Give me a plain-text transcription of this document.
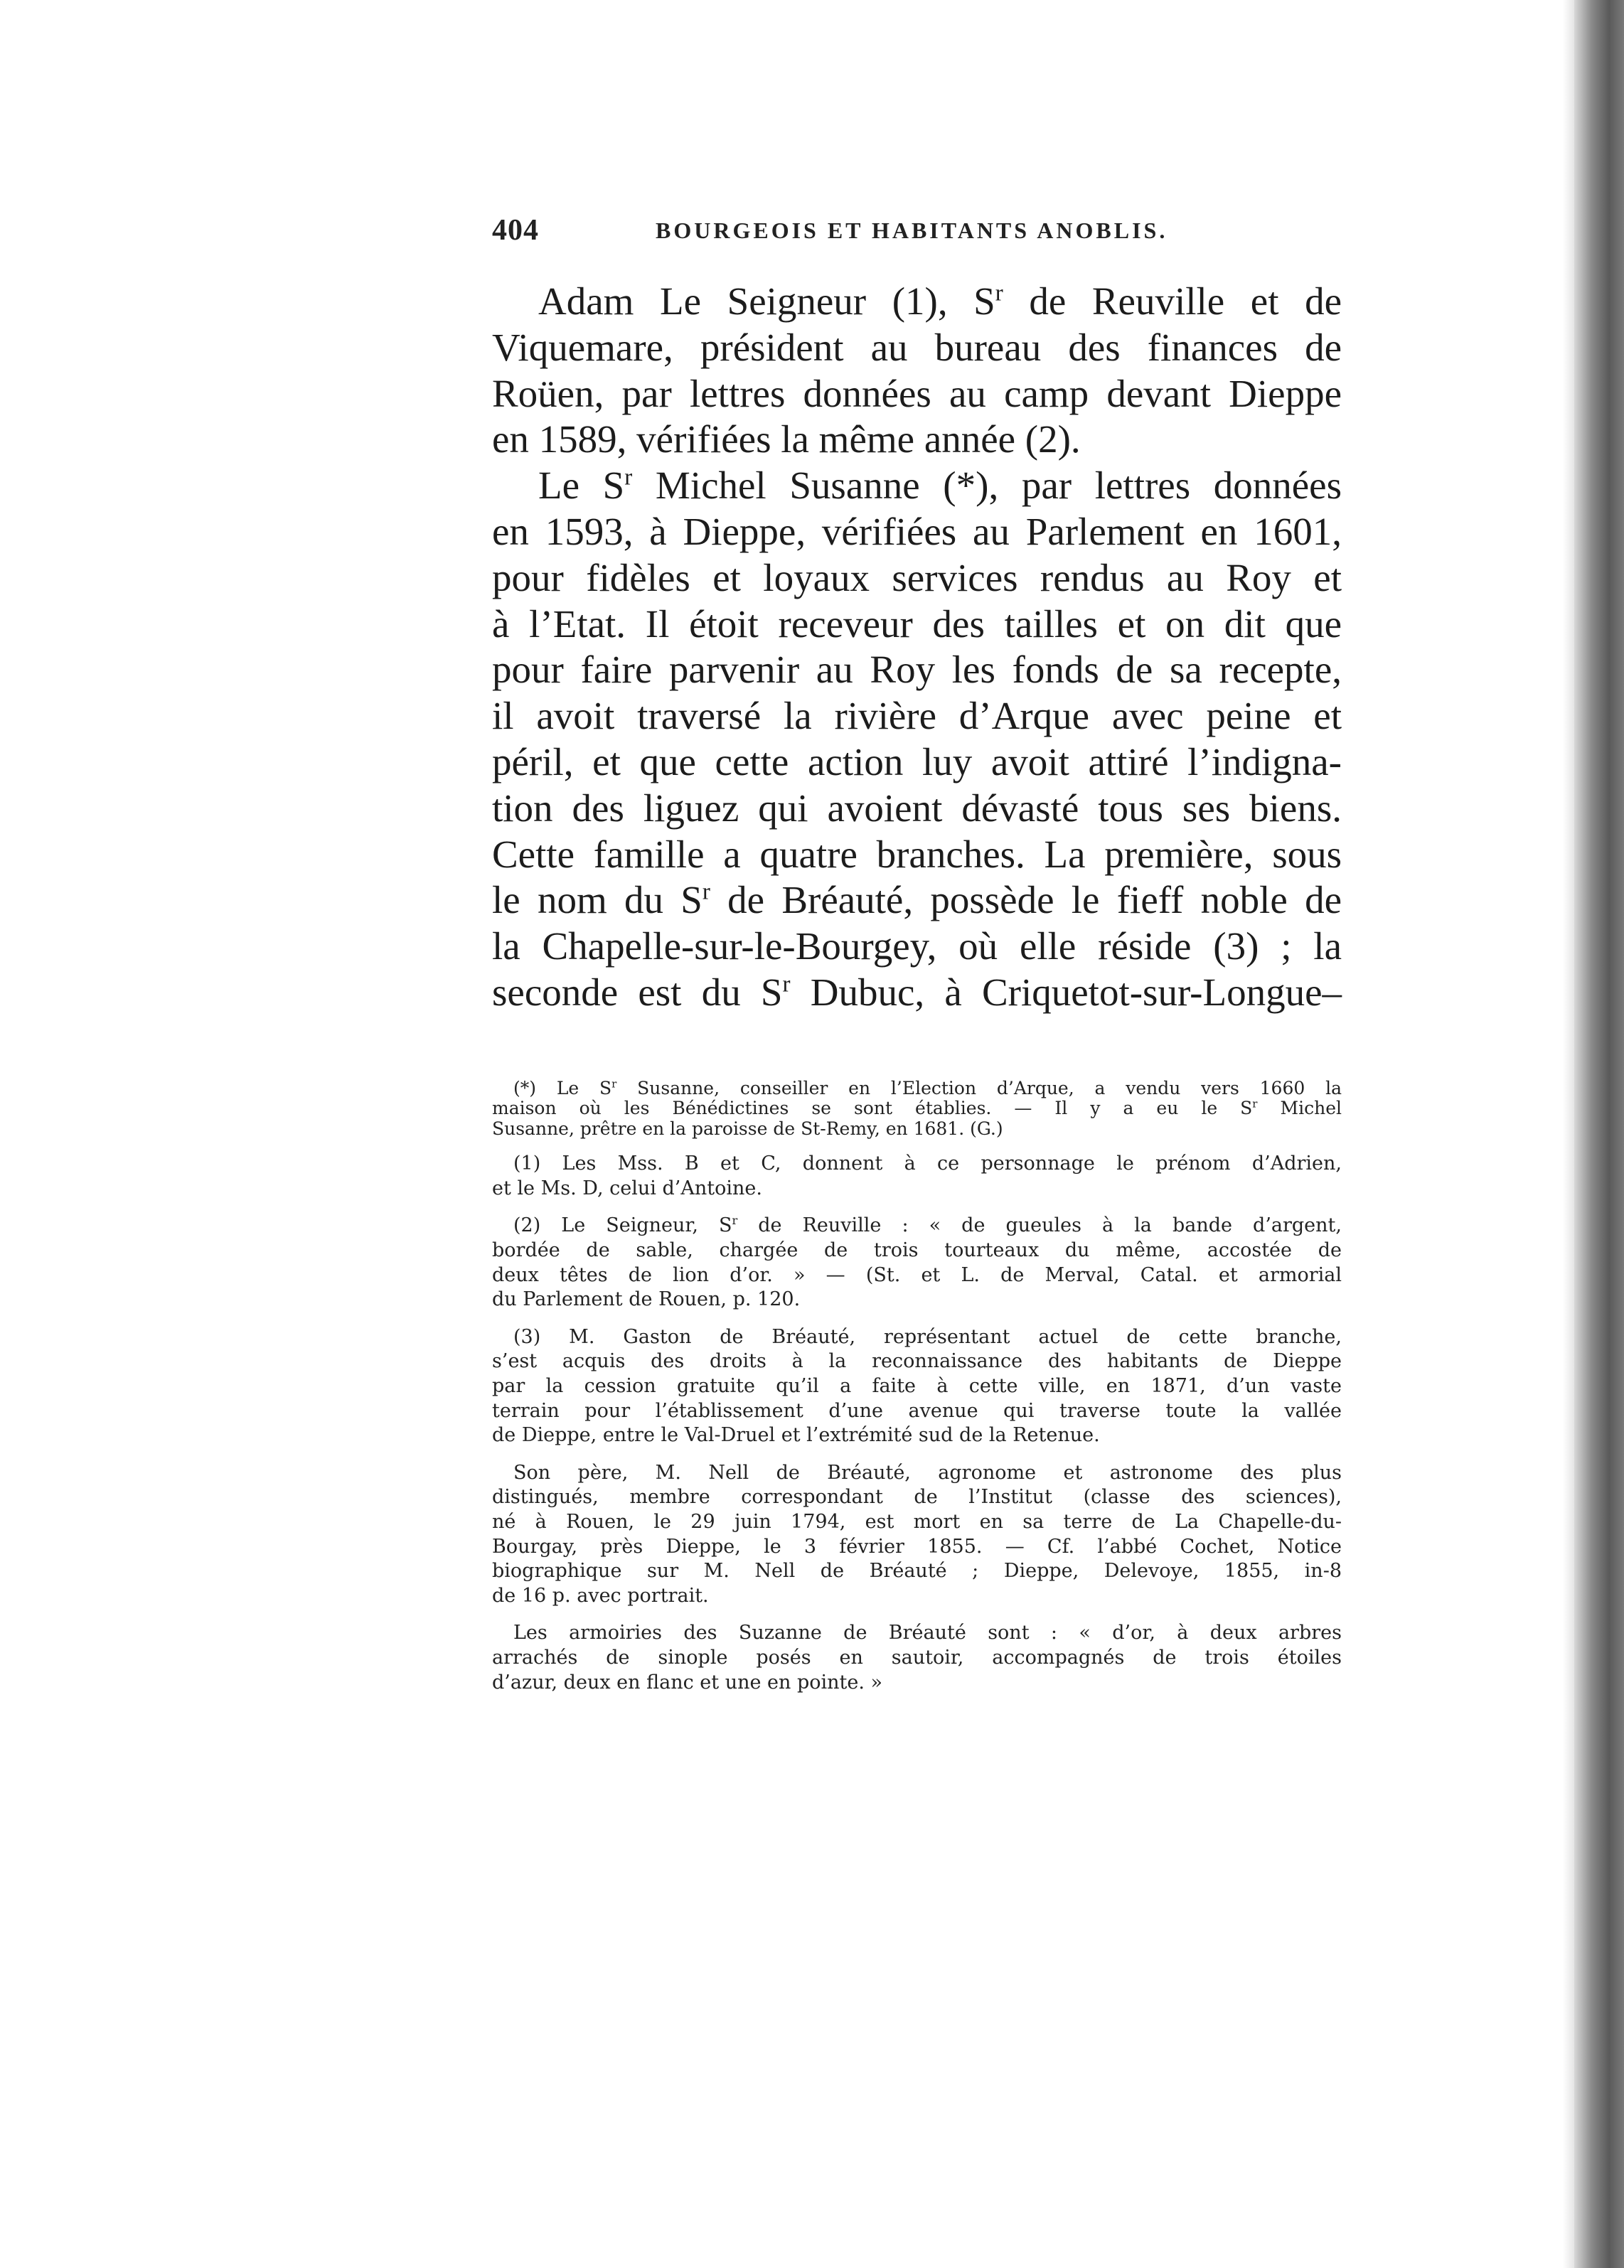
404	BOURGEOIS ET HABITANTS ANOBLIS.
Adam Le Seigneur (1), $S^r$ de Reuville et de
Viquemare, président au bureau des finances de
Roüen, par lettres données au camp devant Dieppe
en 1589, vérifiées la même année (2).
Le $S^r$ Michel Susanne (*), par lettres données
en 1593, à Dieppe, vérifiées au Parlement en 1601,
pour fidèles et loyaux services rendus au Roy et
à l’Etat. Il étoit receveur des tailles et on dit que
pour faire parvenir au Roy les fonds de sa recepte,
il avoit traversé la rivière d’Arque avec peine et
péril, et que cette action luy avoit attiré l’indigna-
tion des liguez qui avoient dévasté tous ses biens.
Cette famille a quatre branches. La première, sous
le nom du $S^r$ de Bréauté, possède le fieff noble de
la Chapelle-sur-le-Bourgey, où elle réside (3) ; la
seconde est du $S^r$ Dubuc, à Criquetot-sur-Longue–
(*) Le $S^r$ Susanne, conseiller en l’Election d’Arque, a vendu vers 1660 la
maison où les Bénédictines se sont établies. — Il y a eu le $S^r$ Michel
Susanne, prêtre en la paroisse de St-Remy, en 1681. (G.)
(1) Les Mss. B et C, donnent à ce personnage le prénom d’Adrien,
et le Ms. D, celui d’Antoine.
(2) Le Seigneur, $S^r$ de Reuville : « de gueules à la bande d’argent,
bordée de sable, chargée de trois tourteaux du même, accostée de
deux têtes de lion d’or. » — (St. et L. de Merval, Catal. et armorial
du Parlement de Rouen, p. 120.
(3) M. Gaston de Bréauté, représentant actuel de cette branche,
s’est acquis des droits à la reconnaissance des habitants de Dieppe
par la cession gratuite qu’il a faite à cette ville, en 1871, d’un vaste
terrain pour l’établissement d’une avenue qui traverse toute la vallée
de Dieppe, entre le Val-Druel et l’extrémité sud de la Retenue.
Son père, M. Nell de Bréauté, agronome et astronome des plus
distingués, membre correspondant de l’Institut (classe des sciences),
né à Rouen, le 29 juin 1794, est mort en sa terre de La Chapelle-du-
Bourgay, près Dieppe, le 3 février 1855. — Cf. l’abbé Cochet, Notice
biographique sur M. Nell de Bréauté ; Dieppe, Delevoye, 1855, in-8
de 16 p. avec portrait.
Les armoiries des Suzanne de Bréauté sont : « d’or, à deux arbres
arrachés de sinople posés en sautoir, accompagnés de trois étoiles
d’azur, deux en flanc et une en pointe. »
